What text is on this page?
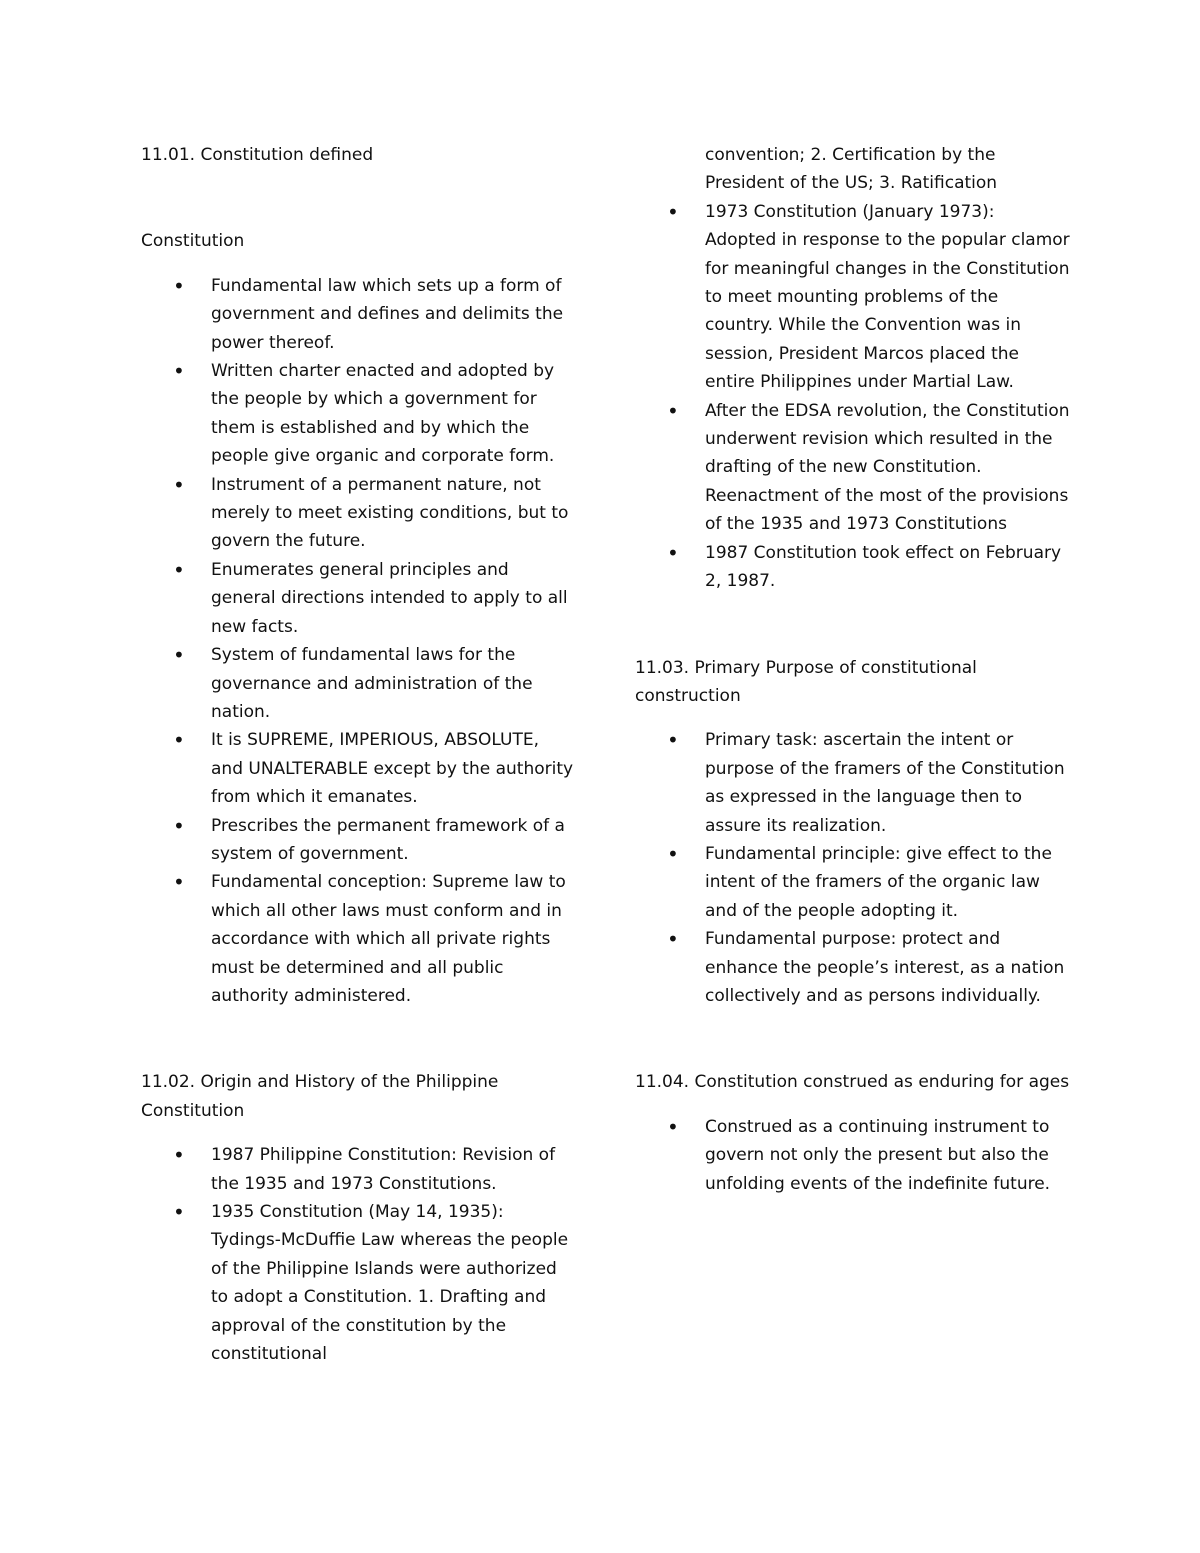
11.01. Constitution defined

Constitution

• Fundamental law which sets up a form of government and defines and delimits the power thereof.
• Written charter enacted and adopted by the people by which a government for them is established and by which the people give organic and corporate form.
• Instrument of a permanent nature, not merely to meet existing conditions, but to govern the future.
• Enumerates general principles and general directions intended to apply to all new facts.
• System of fundamental laws for the governance and administration of the nation.
• It is SUPREME, IMPERIOUS, ABSOLUTE, and UNALTERABLE except by the authority from which it emanates.
• Prescribes the permanent framework of a system of government.
• Fundamental conception: Supreme law to which all other laws must conform and in accordance with which all private rights must be determined and all public authority administered.

11.02. Origin and History of the Philippine Constitution

• 1987 Philippine Constitution: Revision of the 1935 and 1973 Constitutions.
• 1935 Constitution (May 14, 1935): Tydings-McDuffie Law whereas the people of the Philippine Islands were authorized to adopt a Constitution. 1. Drafting and approval of the constitution by the constitutional
convention; 2. Certification by the President of the US; 3. Ratification
• 1973 Constitution (January 1973): Adopted in response to the popular clamor for meaningful changes in the Constitution to meet mounting problems of the country. While the Convention was in session, President Marcos placed the entire Philippines under Martial Law.
• After the EDSA revolution, the Constitution underwent revision which resulted in the drafting of the new Constitution. Reenactment of the most of the provisions of the 1935 and 1973 Constitutions
• 1987 Constitution took effect on February 2, 1987.

11.03. Primary Purpose of constitutional construction

• Primary task: ascertain the intent or purpose of the framers of the Constitution as expressed in the language then to assure its realization.
• Fundamental principle: give effect to the intent of the framers of the organic law and of the people adopting it.
• Fundamental purpose: protect and enhance the people’s interest, as a nation collectively and as persons individually.

11.04. Constitution construed as enduring for ages

• Construed as a continuing instrument to govern not only the present but also the unfolding events of the indefinite future.
